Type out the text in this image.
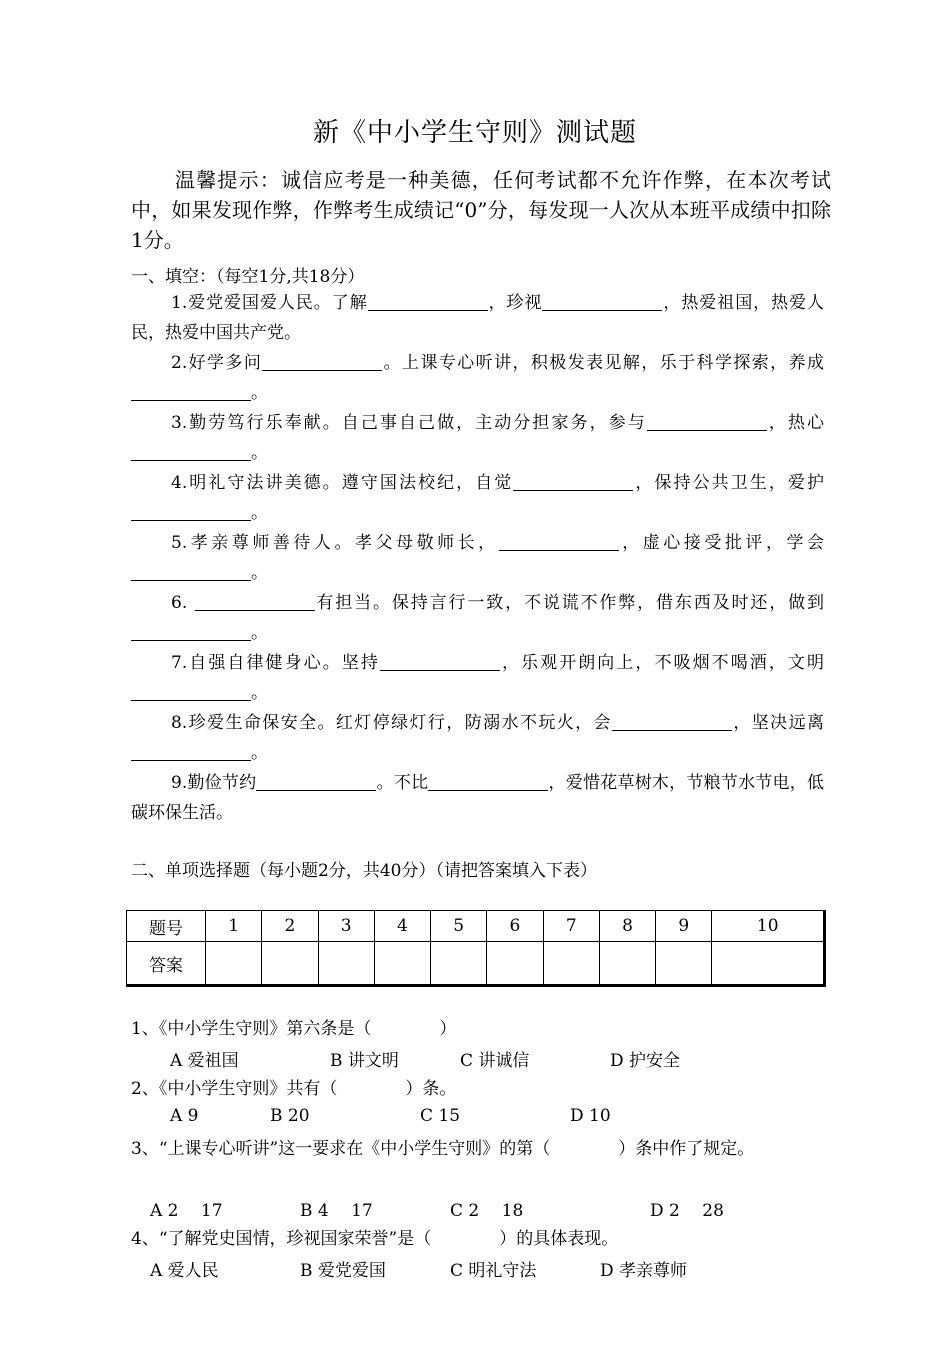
新《中小学生守则》测试题
温馨提示：诚信应考是一种美德，任何考试都不允许作弊，在本次考试中，如果发现作弊，作弊考生成绩记“0”分，每发现一人次从本班平成绩中扣除1分。
一、填空：（每空1分,共18分）
1.爱党爱国爱人民。了解	，珍视	，热爱祖国，热爱人民，热爱中国共产党。
2.好学多问	。上课专心听讲，积极发表见解，乐于科学探索，养成。
3.勤劳笃行乐奉献。自己事自己做，主动分担家务，参与	，热心。
4.明礼守法讲美德。遵守国法校纪，自觉	，保持公共卫生，爱护。
5.孝亲尊师善待人。孝父母敬师长，	，虚心接受批评，学会。
6.	有担当。保持言行一致，不说谎不作弊，借东西及时还，做到 。
7.自强自律健身心。坚持	，乐观开朗向上，不吸烟不喝酒，文明。
8.珍爱生命保安全。红灯停绿灯行，防溺水不玩火，会	，坚决远离。
9.勤俭节约	。不比	，爱惜花草树木，节粮节水节电，低碳环保生活。
二、单项选择题（每小题2分，共40分）（请把答案填入下表）
题号	1	2	3	4	5	6	7	8	9	10
答案										
1、《中小学生守则》第六条是（　　　　）
A 爱祖国	B 讲文明	C 讲诚信	D 护安全
2、《中小学生守则》共有（　　　　）条。
A 9	B 20	C 15	D 10
3、“上课专心听讲”这一要求在《中小学生守则》的第（　　　　）条中作了规定。
A 2　 17	B 4　 17	C 2　 18	D 2　 28
4、“了解党史国情，珍视国家荣誉”是（　　　　）的具体表现。
A 爱人民	B 爱党爱国	C 明礼守法	D 孝亲尊师
